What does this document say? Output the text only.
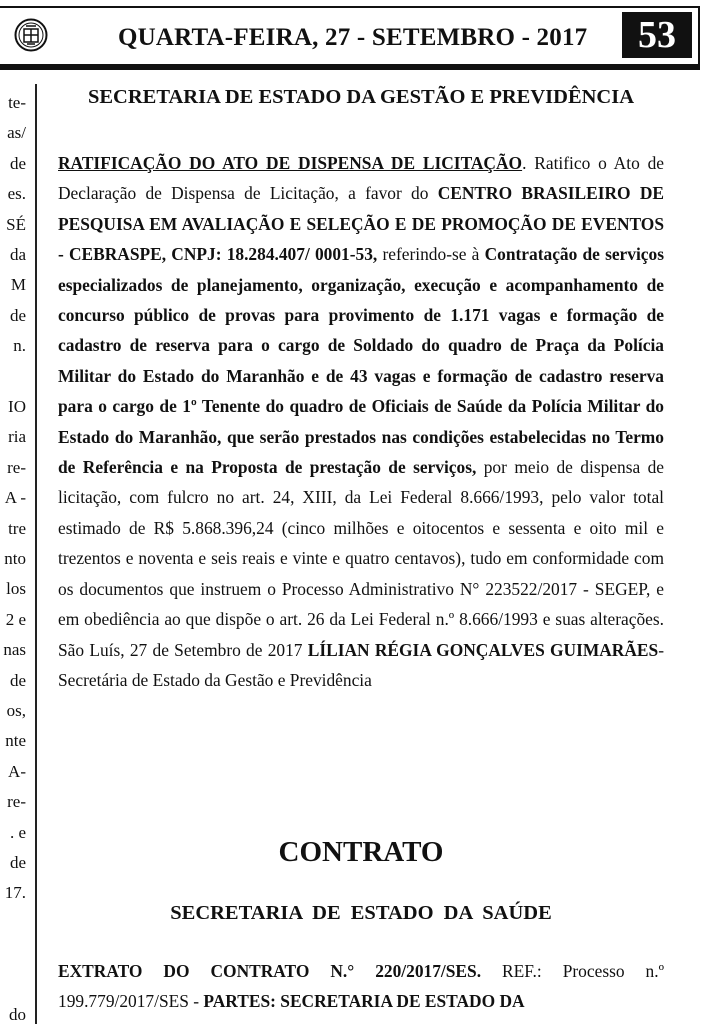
QUARTA-FEIRA, 27 - SETEMBRO - 2017	53
te-
as/
de
es.
SÉ
da
M
de
n.
IO
ria
re-
A -
tre
nto
los
2 e
nas
de
os,
nte
A-
re-
. e
de
17.
do
SECRETARIA DE ESTADO DA GESTÃO E PREVIDÊNCIA
RATIFICAÇÃO DO ATO DE DISPENSA DE LICITAÇÃO. Ratifico o Ato de Declaração de Dispensa de Licitação, a favor do CENTRO BRASILEIRO DE PESQUISA EM AVALIAÇÃO E SELEÇÃO E DE PROMOÇÃO DE EVENTOS - CEBRASPE, CNPJ: 18.284.407/ 0001-53, referindo-se à Contratação de serviços especializados de planejamento, organização, execução e acompanhamento de concurso público de provas para provimento de 1.171 vagas e formação de cadastro de reserva para o cargo de Soldado do quadro de Praça da Polícia Militar do Estado do Maranhão e de 43 vagas e formação de cadastro reserva para o cargo de 1º Tenente do quadro de Oficiais de Saúde da Polícia Militar do Estado do Maranhão, que serão prestados nas condições estabelecidas no Termo de Referência e na Proposta de prestação de serviços, por meio de dispensa de licitação, com fulcro no art. 24, XIII, da Lei Federal 8.666/1993, pelo valor total estimado de R$ 5.868.396,24 (cinco milhões e oitocentos e sessenta e oito mil e trezentos e noventa e seis reais e vinte e quatro centavos), tudo em conformidade com os documentos que instruem o Processo Administrativo N° 223522/2017 - SEGEP, e em obediência ao que dispõe o art. 26 da Lei Federal n.º 8.666/1993 e suas alterações. São Luís, 27 de Setembro de 2017 LÍLIAN RÉGIA GONÇALVES GUIMARÃES-Secretária de Estado da Gestão e Previdência
CONTRATO
SECRETARIA DE ESTADO DA SAÚDE
EXTRATO DO CONTRATO N.° 220/2017/SES. REF.: Processo n.º 199.779/2017/SES - PARTES: SECRETARIA DE ESTADO DA
